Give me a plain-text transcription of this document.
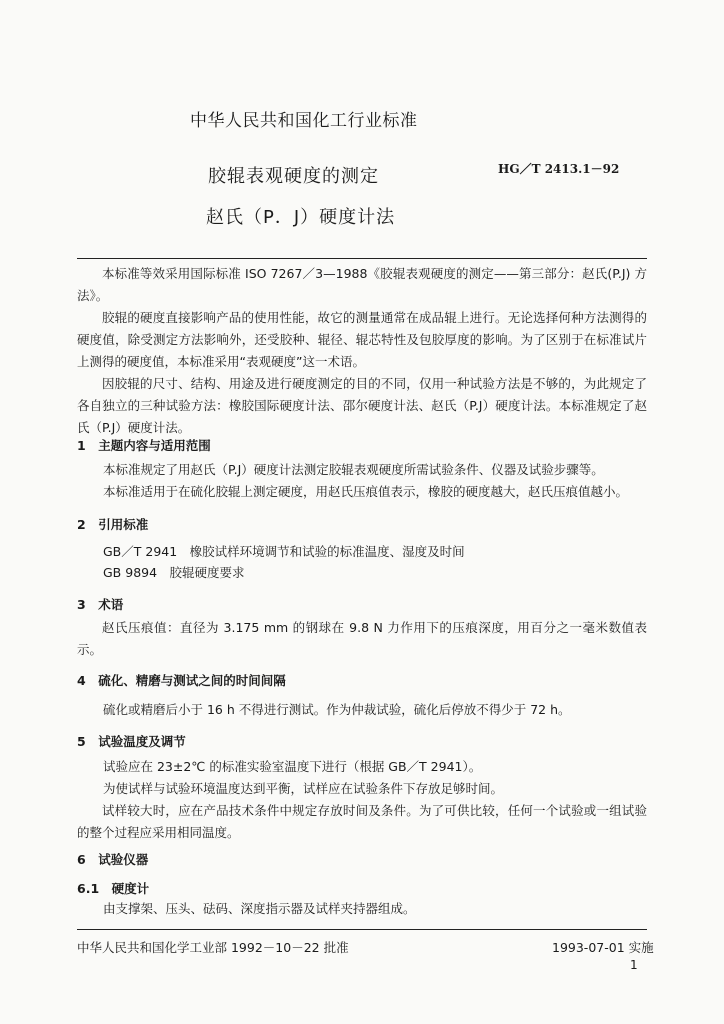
中华人民共和国化工行业标准
胶辊表观硬度的测定	HG／T 2413.1－92
赵氏（P．J）硬度计法
本标准等效采用国际标准 ISO 7267／3—1988《胶辊表观硬度的测定——第三部分：赵氏(P.J) 方法》。
胶辊的硬度直接影响产品的使用性能，故它的测量通常在成品辊上进行。无论选择何种方法测得的硬度值，除受测定方法影响外，还受胶种、辊径、辊芯特性及包胶厚度的影响。为了区别于在标准试片上测得的硬度值，本标准采用“表观硬度”这一术语。
因胶辊的尺寸、结构、用途及进行硬度测定的目的不同，仅用一种试验方法是不够的，为此规定了各自独立的三种试验方法：橡胶国际硬度计法、邵尔硬度计法、赵氏（P.J）硬度计法。本标准规定了赵氏（P.J）硬度计法。
1　主题内容与适用范围
本标准规定了用赵氏（P.J）硬度计法测定胶辊表观硬度所需试验条件、仪器及试验步骤等。
本标准适用于在硫化胶辊上测定硬度，用赵氏压痕值表示，橡胶的硬度越大，赵氏压痕值越小。
2　引用标准
GB／T 2941　橡胶试样环境调节和试验的标准温度、湿度及时间
GB 9894　胶辊硬度要求
3　术语
赵氏压痕值：直径为 3.175 mm 的钢球在 9.8 N 力作用下的压痕深度，用百分之一毫米数值表示。
4　硫化、精磨与测试之间的时间间隔
硫化或精磨后小于 16 h 不得进行测试。作为仲裁试验，硫化后停放不得少于 72 h。
5　试验温度及调节
试验应在 23±2℃ 的标准实验室温度下进行（根据 GB／T 2941）。
为使试样与试验环境温度达到平衡，试样应在试验条件下存放足够时间。
试样较大时，应在产品技术条件中规定存放时间及条件。为了可供比较，任何一个试验或一组试验的整个过程应采用相同温度。
6　试验仪器
6.1　硬度计
由支撑架、压头、砝码、深度指示器及试样夹持器组成。
中华人民共和国化学工业部 1992－10－22 批准	1993-07-01 实施
1
